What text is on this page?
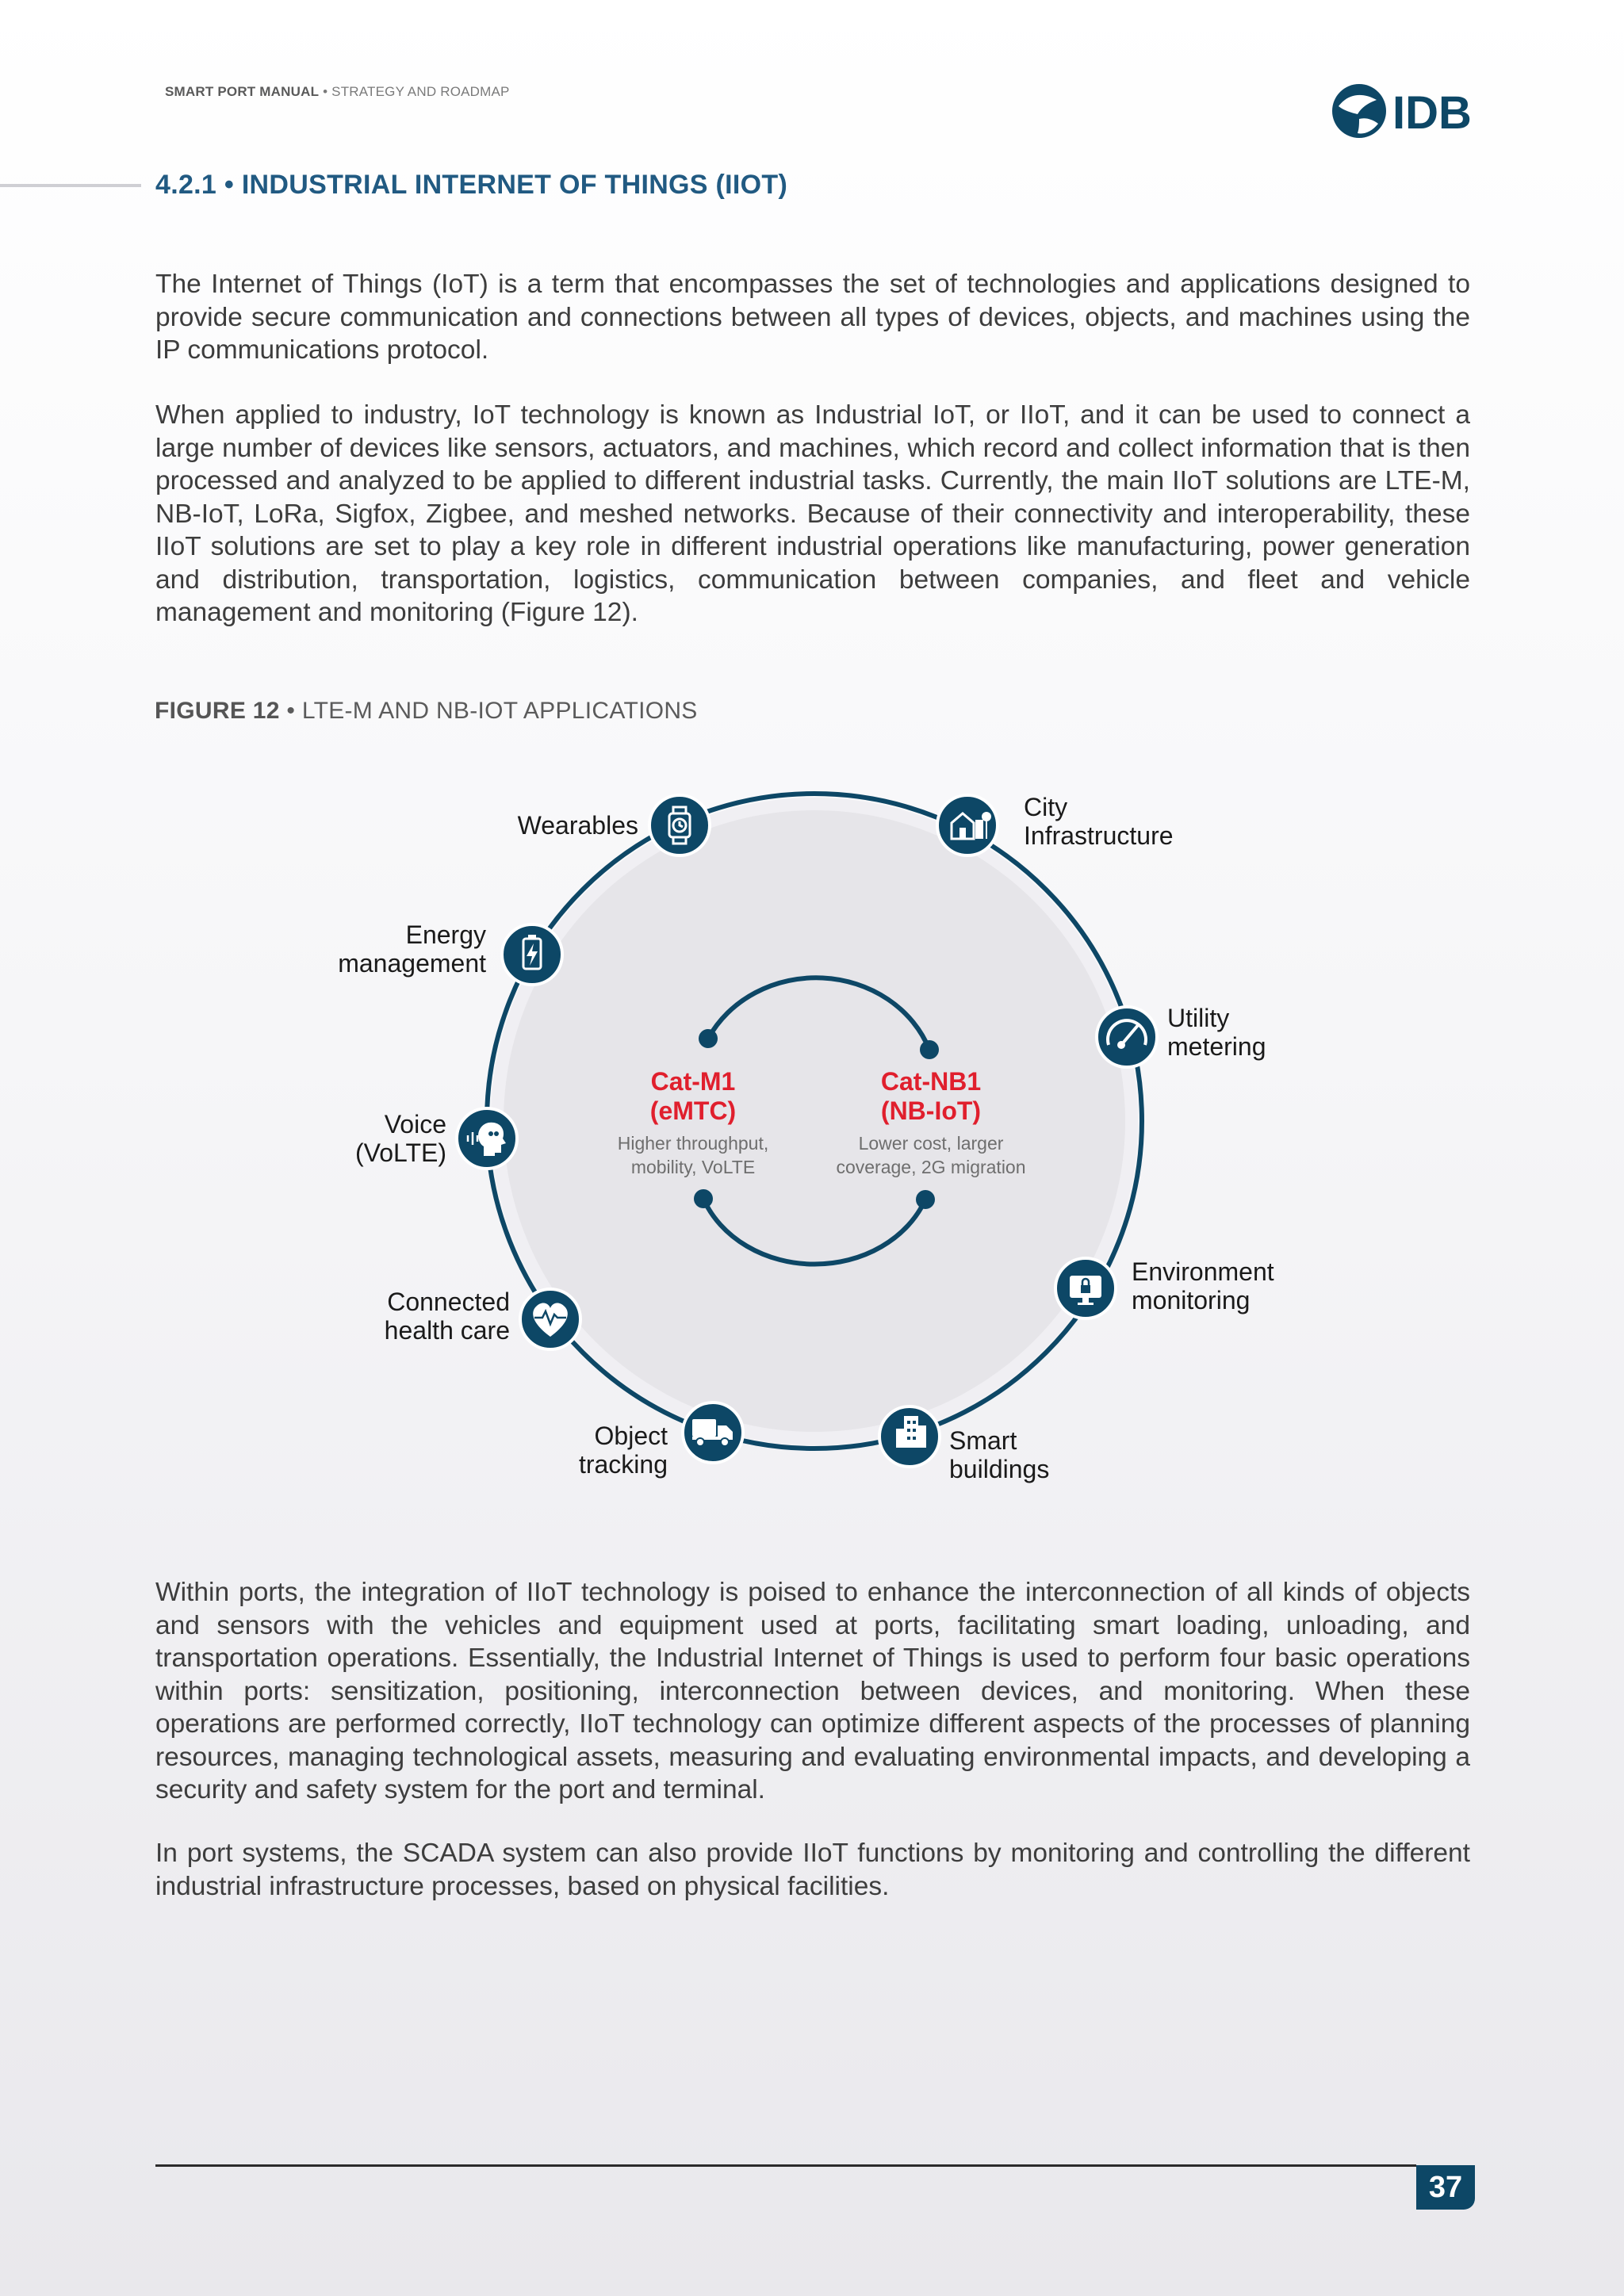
SMART PORT MANUAL • STRATEGY AND ROADMAP	IDB
4.2.1 • INDUSTRIAL INTERNET OF THINGS (IIOT)

The Internet of Things (IoT) is a term that encompasses the set of technologies and applications designed to provide secure communication and connections between all types of devices, objects, and machines using the IP communications protocol.

When applied to industry, IoT technology is known as Industrial IoT, or IIoT, and it can be used to connect a large number of devices like sensors, actuators, and machines, which record and collect information that is then processed and analyzed to be applied to different industrial tasks. Currently, the main IIoT solutions are LTE-M, NB-IoT, LoRa, Sigfox, Zigbee, and meshed networks. Because of their connectivity and interoperability, these IIoT solutions are set to play a key role in different industrial operations like manufacturing, power generation and distribution, transportation, logistics, communication between companies, and fleet and vehicle management and monitoring (Figure 12).

FIGURE 12 • LTE-M AND NB-IOT APPLICATIONS
Cat-M1
(eMTC)
Higher throughput,
mobility, VoLTE
Cat-NB1
(NB-IoT)
Lower cost, larger
coverage, 2G migration
Wearables
City
Infrastructure
Energy
management
Utility
metering
Voice
(VoLTE)
Environment
monitoring
Connected
health care
Object
tracking
Smart
buildings

Within ports, the integration of IIoT technology is poised to enhance the interconnection of all kinds of objects and sensors with the vehicles and equipment used at ports, facilitating smart loading, unloading, and transportation operations. Essentially, the Industrial Internet of Things is used to perform four basic operations within ports: sensitization, positioning, interconnection between devices, and monitoring. When these operations are performed correctly, IIoT technology can optimize different aspects of the processes of planning resources, managing technological assets, measuring and evaluating environmental impacts, and developing a security and safety system for the port and terminal.

In port systems, the SCADA system can also provide IIoT functions by monitoring and controlling the different industrial infrastructure processes, based on physical facilities.

37
